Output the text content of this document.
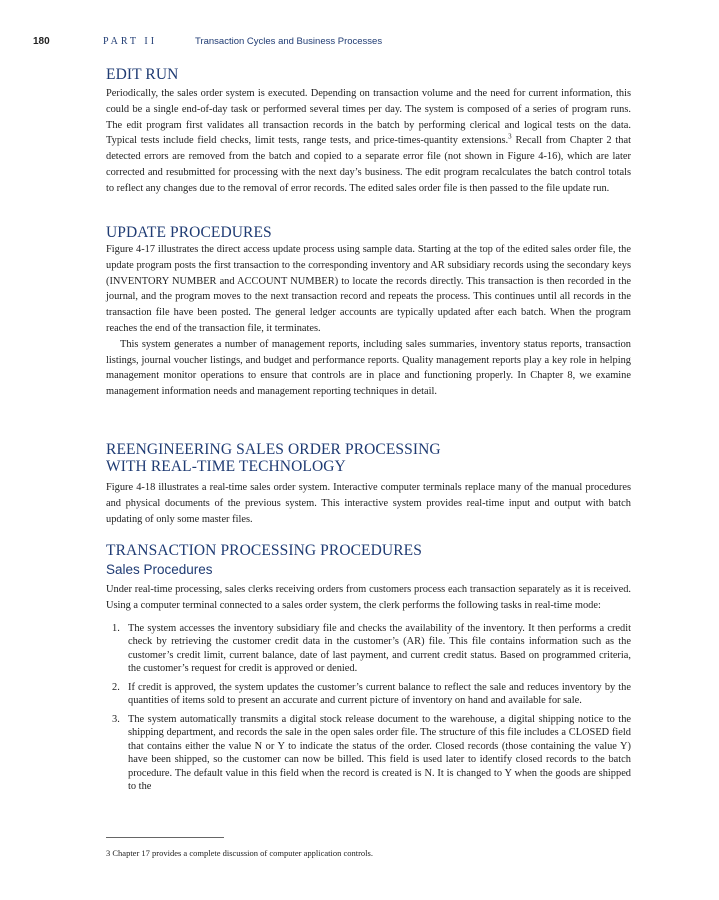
180	PART II	Transaction Cycles and Business Processes
EDIT RUN

Periodically, the sales order system is executed. Depending on transaction volume and the need for current information, this could be a single end-of-day task or performed several times per day. The system is composed of a series of program runs. The edit program first validates all transaction records in the batch by performing clerical and logical tests on the data. Typical tests include field checks, limit tests, range tests, and price-times-quantity extensions.$^3$ Recall from Chapter 2 that detected errors are removed from the batch and copied to a separate error file (not shown in Figure 4-16), which are later corrected and resubmitted for processing with the next day’s business. The edit program recalculates the batch control totals to reflect any changes due to the removal of error records. The edited sales order file is then passed to the file update run.

UPDATE PROCEDURES

Figure 4-17 illustrates the direct access update process using sample data. Starting at the top of the edited sales order file, the update program posts the first transaction to the corresponding inventory and AR subsidiary records using the secondary keys (INVENTORY NUMBER and ACCOUNT NUMBER) to locate the records directly. This transaction is then recorded in the journal, and the program moves to the next transaction record and repeats the process. This continues until all records in the transaction file have been posted. The general ledger accounts are typically updated after each batch. When the program reaches the end of the transaction file, it terminates.

This system generates a number of management reports, including sales summaries, inventory status reports, transaction listings, journal voucher listings, and budget and performance reports. Quality management reports play a key role in helping management monitor operations to ensure that controls are in place and functioning properly. In Chapter 8, we examine management information needs and management reporting techniques in detail.

REENGINEERING SALES ORDER PROCESSING
WITH REAL-TIME TECHNOLOGY

Figure 4-18 illustrates a real-time sales order system. Interactive computer terminals replace many of the manual procedures and physical documents of the previous system. This interactive system provides real-time input and output with batch updating of only some master files.

TRANSACTION PROCESSING PROCEDURES
Sales Procedures

Under real-time processing, sales clerks receiving orders from customers process each transaction separately as it is received. Using a computer terminal connected to a sales order system, the clerk performs the following tasks in real-time mode:

1. The system accesses the inventory subsidiary file and checks the availability of the inventory. It then performs a credit check by retrieving the customer credit data in the customer’s (AR) file. This file contains information such as the customer’s credit limit, current balance, date of last payment, and current credit status. Based on programmed criteria, the customer’s request for credit is approved or denied.
2. If credit is approved, the system updates the customer’s current balance to reflect the sale and reduces inventory by the quantities of items sold to present an accurate and current picture of inventory on hand and available for sale.
3. The system automatically transmits a digital stock release document to the warehouse, a digital shipping notice to the shipping department, and records the sale in the open sales order file. The structure of this file includes a CLOSED field that contains either the value N or Y to indicate the status of the order. Closed records (those containing the value Y) have been shipped, so the customer can now be billed. This field is used later to identify closed records to the batch procedure. The default value in this field when the record is created is N. It is changed to Y when the goods are shipped to the
3 Chapter 17 provides a complete discussion of computer application controls.
